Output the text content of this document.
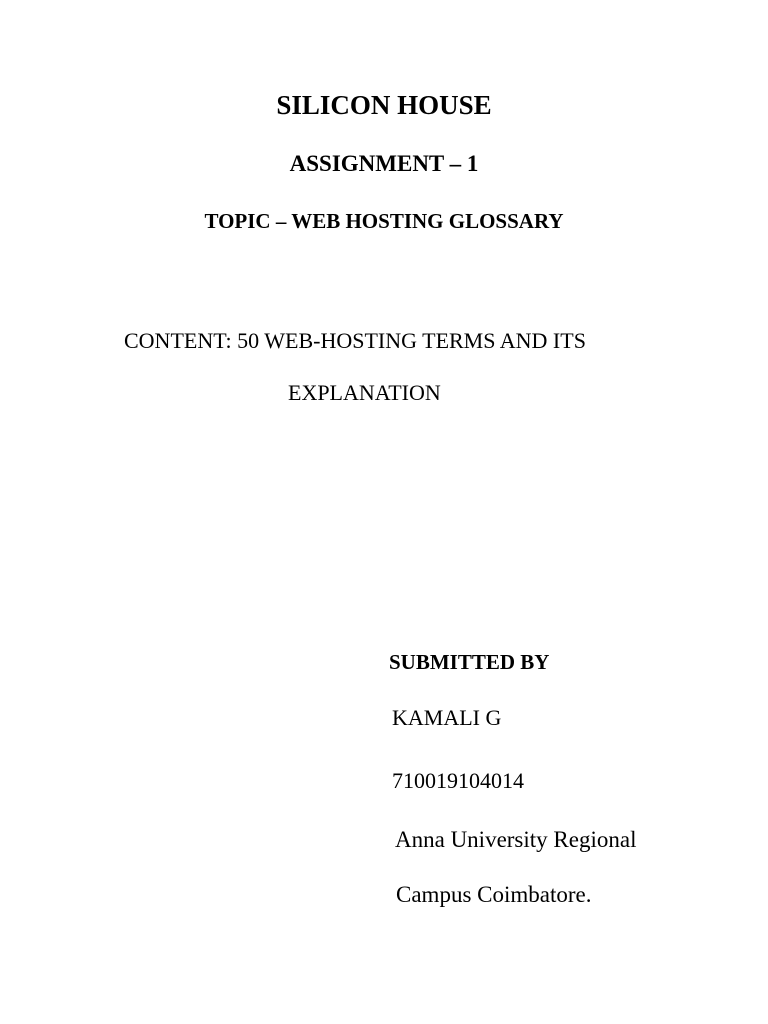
SILICON HOUSE
ASSIGNMENT – 1
TOPIC – WEB HOSTING GLOSSARY
CONTENT: 50 WEB-HOSTING TERMS AND ITS
EXPLANATION
SUBMITTED BY
KAMALI G
710019104014
Anna University Regional
Campus Coimbatore.
